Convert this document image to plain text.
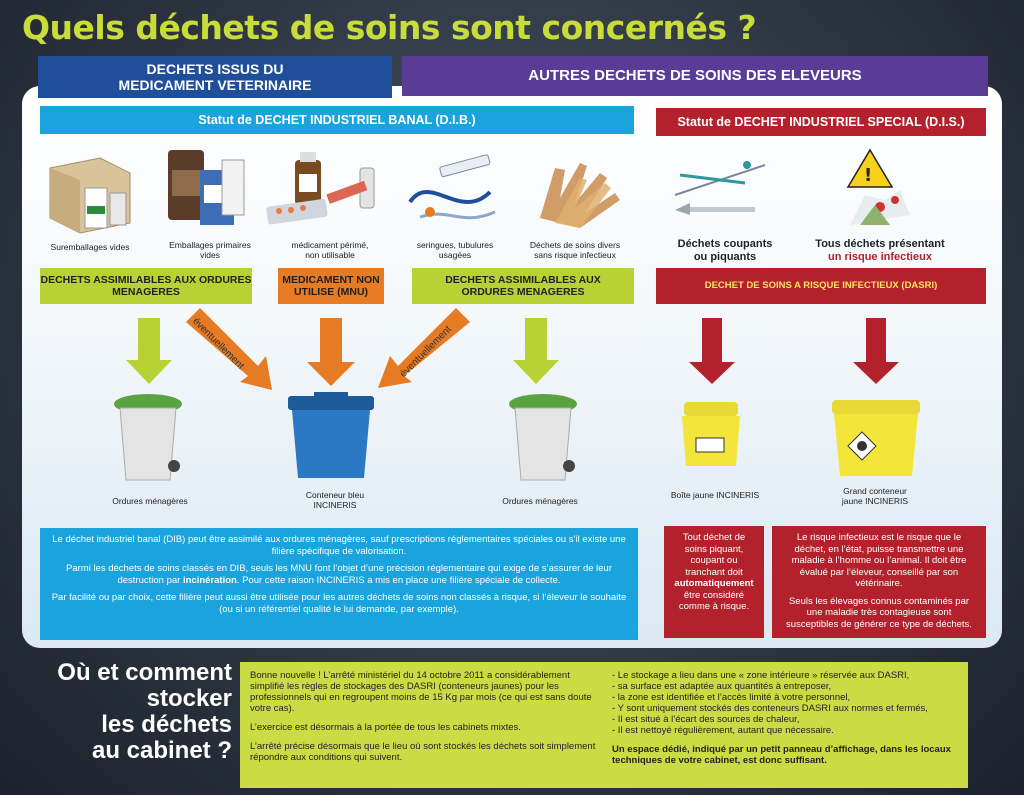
Quels déchets de soins sont concernés ?
DECHETS ISSUS DU
MEDICAMENT VETERINAIRE
AUTRES DECHETS DE SOINS DES ELEVEURS
Statut de DECHET INDUSTRIEL BANAL (D.I.B.)	Statut de DECHET INDUSTRIEL SPECIAL (D.I.S.)
!
Suremballages vides	Emballages primaires
vides
médicament périmé,
non utilisable
seringues, tubulures
usagées
Déchets de soins divers
sans risque infectieux
Déchets coupants
ou piquants
Tous déchets présentant
un risque infectieux
DECHETS ASSIMILABLES AUX ORDURES
MENAGERES
MEDICAMENT NON
UTILISE (MNU)
DECHETS ASSIMILABLES AUX
ORDURES MENAGERES
DECHET DE SOINS A RISQUE INFECTIEUX (DASRI)
éventuellement	éventuellement
Ordures ménagères
Conteneur bleu
INCINERIS	Ordures ménagères
Boîte jaune INCINERIS	Grand conteneur
jaune INCINERIS

Le déchet industriel banal (DIB) peut être assimilé aux ordures ménagères, sauf prescriptions réglementaires spéciales ou s’il existe une filière spécifique de valorisation.

Parmi les déchets de soins classés en DIB, seuls les MNU font l’objet d’une précision réglementaire qui exige de s’assurer de leur destruction par incinération. Pour cette raison INCINERIS a mis en place une filière spéciale de collecte.

Par facilité ou par choix, cette filière peut aussi être utilisée pour les autres déchets de soins non classés à risque, si l’éleveur le souhaite (ou si un référentiel qualité le lui demande, par exemple).

Tout déchet de soins piquant, coupant ou tranchant doit automatiquement être considéré comme à risque.

Le risque infectieux est le risque que le déchet, en l’état, puisse transmettre une maladie à l’homme ou l’animal. Il doit être évalué par l’éleveur, conseillé par son vétérinaire.

Seuls les élevages connus contaminés par une maladie très contagieuse sont susceptibles de générer ce type de déchets.

Où et comment
stocker
les déchets
au cabinet ?

Bonne nouvelle ! L’arrêté ministériel du 14 octobre 2011 a considérablement simplifié les règles de stockages des DASRI (conteneurs jaunes) pour les professionnels qui en regroupent moins de 15 Kg par mois (ce qui est sans doute votre cas).

L’exercice est désormais à la portée de tous les cabinets mixtes.

L’arrêté précise désormais que le lieu où sont stockés les déchets soit simplement répondre aux conditions qui suivent.

- Le stockage a lieu dans une « zone intérieure » réservée aux DASRI,
- sa surface est adaptée aux quantités à entreposer,
- la zone est identifiée et l’accès limité à votre personnel,
- Y sont uniquement stockés des conteneurs DASRI aux normes et fermés,
- Il est situé à l’écart des sources de chaleur,
- Il est nettoyé régulièrement, autant que nécessaire.

Un espace dédié, indiqué par un petit panneau d’affichage, dans les locaux techniques de votre cabinet, est donc suffisant.
